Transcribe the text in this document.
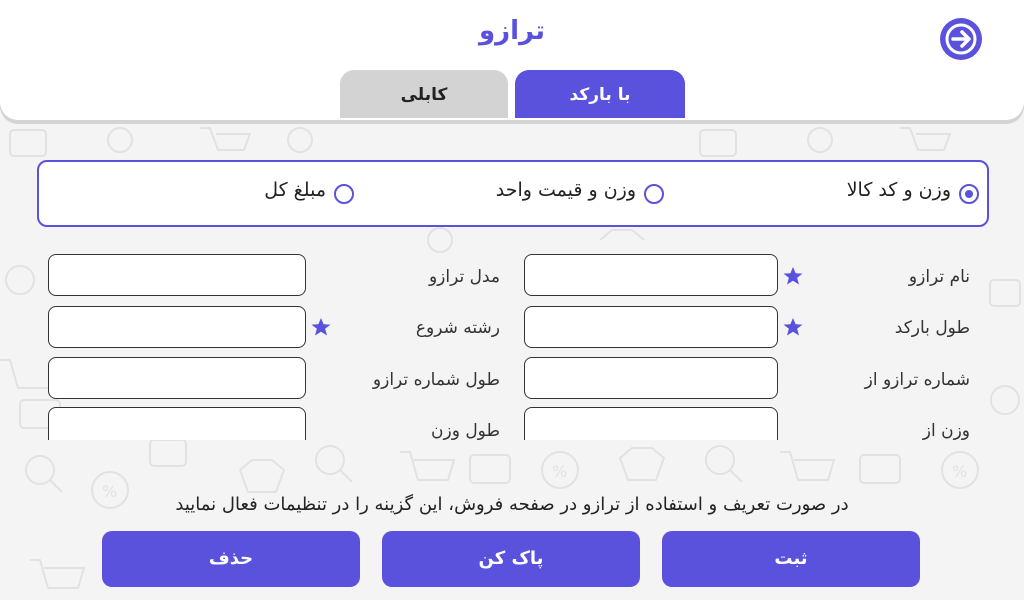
%
%	%
ترازو
کابلی	با بارکد
وزن و کد کالا
وزن و قیمت واحد
مبلغ کل
نام ترازو
مدل ترازو
طول بارکد
رشته شروع
شماره ترازو از
طول شماره ترازو
وزن از
طول وزن
در صورت تعریف و استفاده از ترازو در صفحه فروش، این گزینه را در تنظیمات فعال نمایید
ثبت
پاک کن
حذف
